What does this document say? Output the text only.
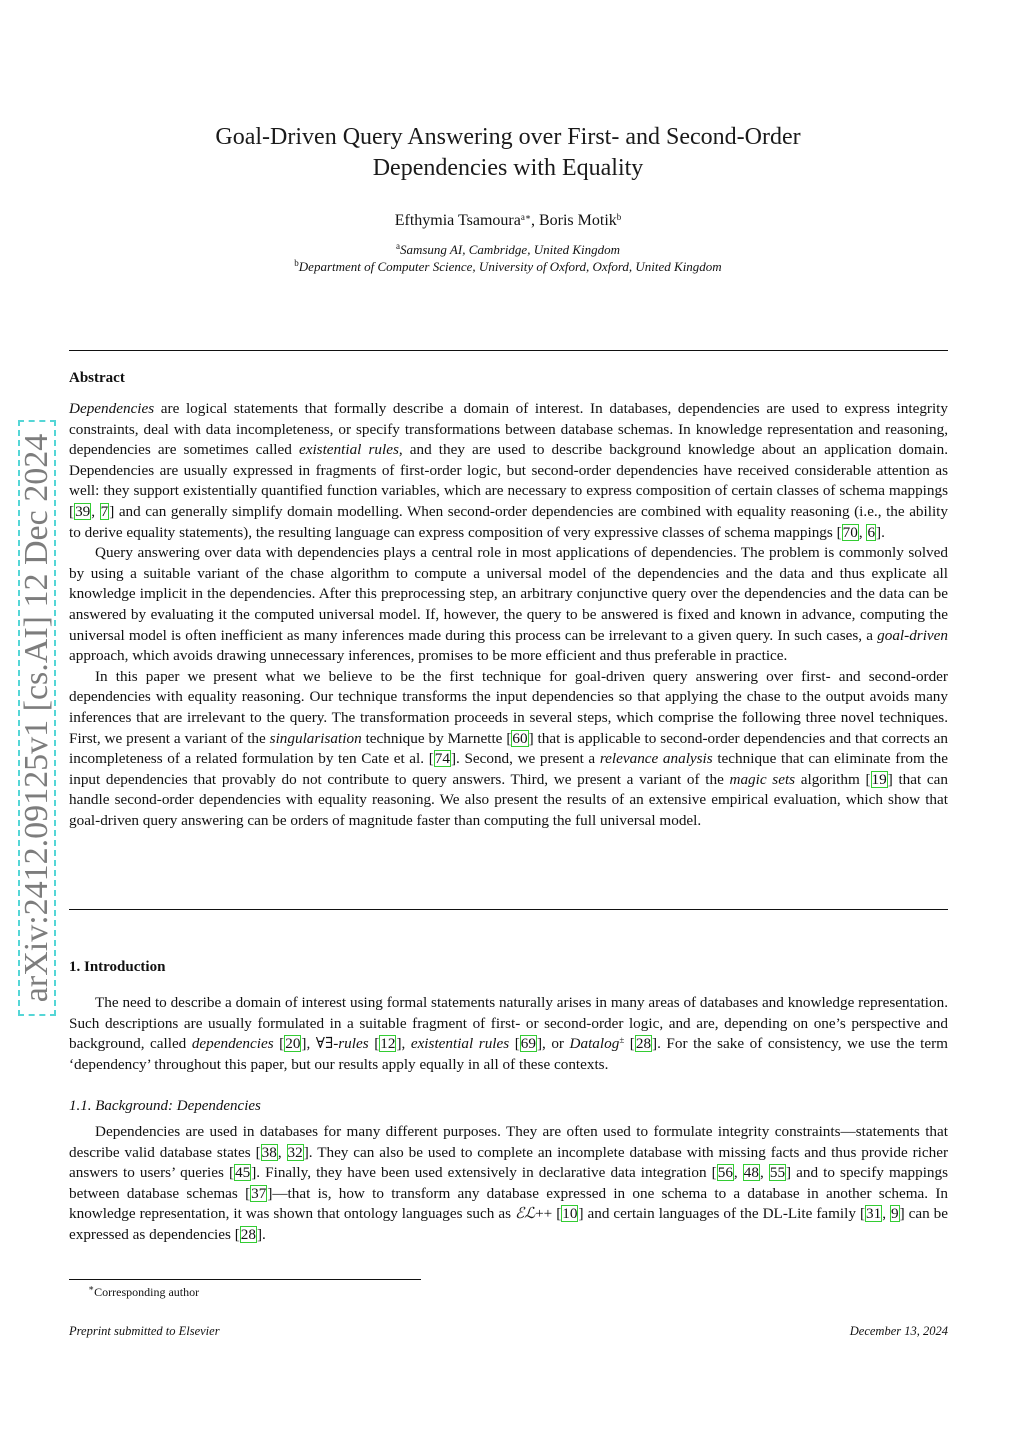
arXiv:2412.09125v1 [cs.AI] 12 Dec 2024
Goal-Driven Query Answering over First- and Second-Order
Dependencies with Equality
Efthymia Tsamoura$^{a∗}$, Boris Motik$^b$
$^a$Samsung AI, Cambridge, United Kingdom
$^b$Department of Computer Science, University of Oxford, Oxford, United Kingdom
Abstract

Dependencies are logical statements that formally describe a domain of interest. In databases, dependencies are used to express integrity constraints, deal with data incompleteness, or specify transformations between database schemas. In knowledge representation and reasoning, dependencies are sometimes called existential rules, and they are used to describe background knowledge about an application domain. Dependencies are usually expressed in fragments of first-order logic, but second-order dependencies have received considerable attention as well: they support existentially quantified function variables, which are necessary to express composition of certain classes of schema mappings [39, 7] and can generally simplify domain modelling. When second-order dependencies are combined with equality reasoning (i.e., the ability to derive equality statements), the resulting language can express composition of very expressive classes of schema mappings [70, 6].

Query answering over data with dependencies plays a central role in most applications of dependencies. The problem is commonly solved by using a suitable variant of the chase algorithm to compute a universal model of the dependencies and the data and thus explicate all knowledge implicit in the dependencies. After this preprocessing step, an arbitrary conjunctive query over the dependencies and the data can be answered by evaluating it the computed universal model. If, however, the query to be answered is fixed and known in advance, computing the universal model is often inefficient as many inferences made during this process can be irrelevant to a given query. In such cases, a goal-driven approach, which avoids drawing unnecessary inferences, promises to be more efficient and thus preferable in practice.

In this paper we present what we believe to be the first technique for goal-driven query answering over first- and second-order dependencies with equality reasoning. Our technique transforms the input dependencies so that applying the chase to the output avoids many inferences that are irrelevant to the query. The transformation proceeds in several steps, which comprise the following three novel techniques. First, we present a variant of the singularisation technique by Marnette [60] that is applicable to second-order dependencies and that corrects an incompleteness of a related formulation by ten Cate et al. [74]. Second, we present a relevance analysis technique that can eliminate from the input dependencies that provably do not contribute to query answers. Third, we present a variant of the magic sets algorithm [19] that can handle second-order dependencies with equality reasoning. We also present the results of an extensive empirical evaluation, which show that goal-driven query answering can be orders of magnitude faster than computing the full universal model.

1. Introduction

The need to describe a domain of interest using formal statements naturally arises in many areas of databases and knowledge representation. Such descriptions are usually formulated in a suitable fragment of first- or second-order logic, and are, depending on one’s perspective and background, called dependencies [20], ∀∃-rules [12], existential rules [69], or Datalog± [28]. For the sake of consistency, we use the term ‘dependency’ throughout this paper, but our results apply equally in all of these contexts.

1.1. Background: Dependencies

Dependencies are used in databases for many different purposes. They are often used to formulate integrity constraints—statements that describe valid database states [38, 32]. They can also be used to complete an incomplete database with missing facts and thus provide richer answers to users’ queries [45]. Finally, they have been used extensively in declarative data integration [56, 48, 55] and to specify mappings between database schemas [37]—that is, how to transform any database expressed in one schema to a database in another schema. In knowledge representation, it was shown that ontology languages such as ℰℒ++ [10] and certain languages of the DL-Lite family [31, 9] can be expressed as dependencies [28].

∗Corresponding author
Preprint submitted to Elsevier	December 13, 2024
